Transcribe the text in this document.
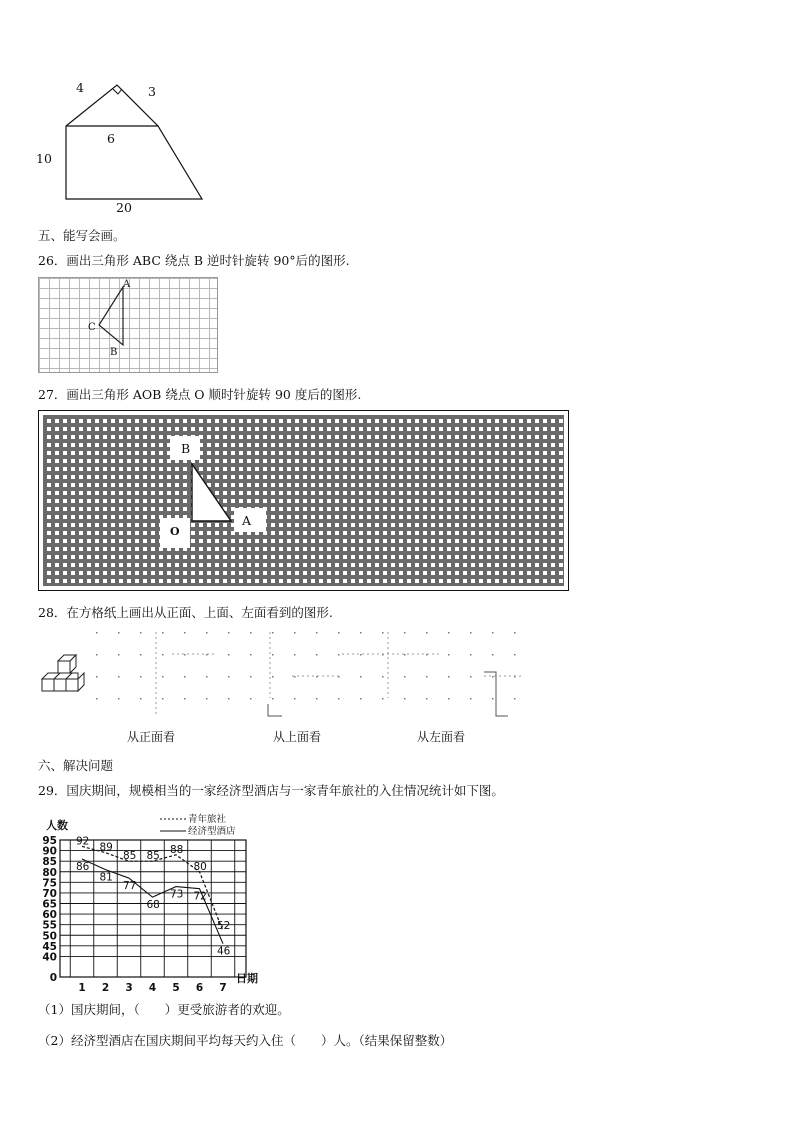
4	3
6
10
20
五、能写会画。
26．画出三角形 ABC 绕点 B 逆时针旋转 90°后的图形.
A
C
B
27．画出三角形 AOB 绕点 O 顺时针旋转 90 度后的图形.
B
A
O
28．在方格纸上画出从正面、上面、左面看到的图形.
从正面看	从上面看	从左面看
六、解决问题
29．国庆期间，规模相当的一家经济型酒店与一家青年旅社的入住情况统计如下图。
0
40
45
50
55
60
65
70
75
80
85
90
95
1 2 3 4 5 6 7
92
89
85 85
88
80
52
86
81
77
68
73 72
46
人数
日期
青年旅社
经济型酒店
（1）国庆期间，（　　）更受旅游者的欢迎。
（2）经济型酒店在国庆期间平均每天约入住（　　）人。（结果保留整数）
